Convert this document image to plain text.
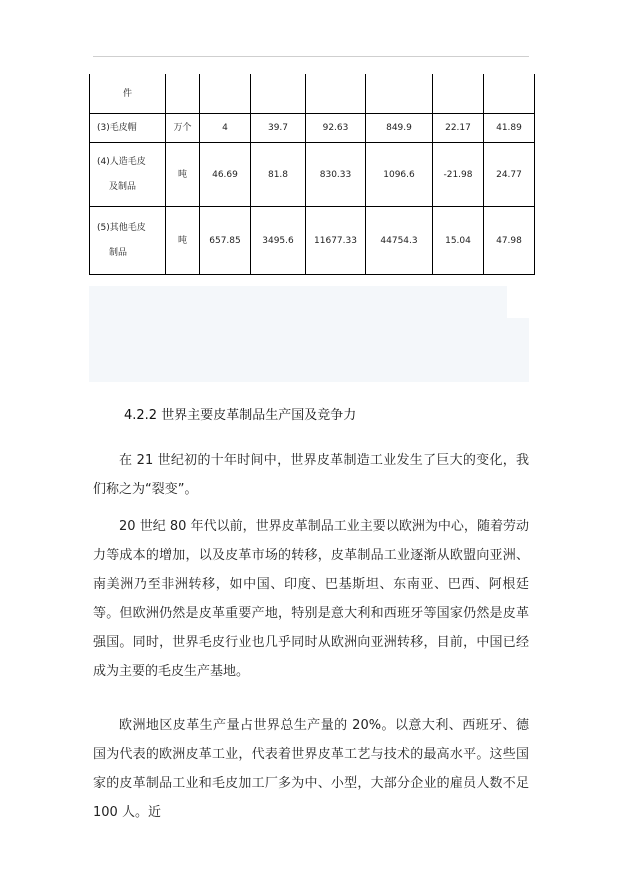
件							
(3)毛皮帽	万个	4	39.7	92.63	849.9	22.17	41.89

(4)人造毛皮
及制品	吨	46.69	81.8	830.33	1096.6	-21.98	24.77

(5)其他毛皮
制品	吨	657.85	3495.6	11677.33	44754.3	15.04	47.98
4.2.2 世界主要皮革制品生产国及竞争力

在 21 世纪初的十年时间中，世界皮革制造工业发生了巨大的变化，我们称之为“裂变”。

20 世纪 80 年代以前，世界皮革制品工业主要以欧洲为中心，随着劳动力等成本的增加，以及皮革市场的转移，皮革制品工业逐渐从欧盟向亚洲、南美洲乃至非洲转移，如中国、印度、巴基斯坦、东南亚、巴西、阿根廷等。但欧洲仍然是皮革重要产地，特别是意大利和西班牙等国家仍然是皮革强国。同时，世界毛皮行业也几乎同时从欧洲向亚洲转移，目前，中国已经成为主要的毛皮生产基地。

欧洲地区皮革生产量占世界总生产量的 20%。以意大利、西班牙、德国为代表的欧洲皮革工业，代表着世界皮革工艺与技术的最高水平。这些国家的皮革制品工业和毛皮加工厂多为中、小型，大部分企业的雇员人数不足 100 人。近
